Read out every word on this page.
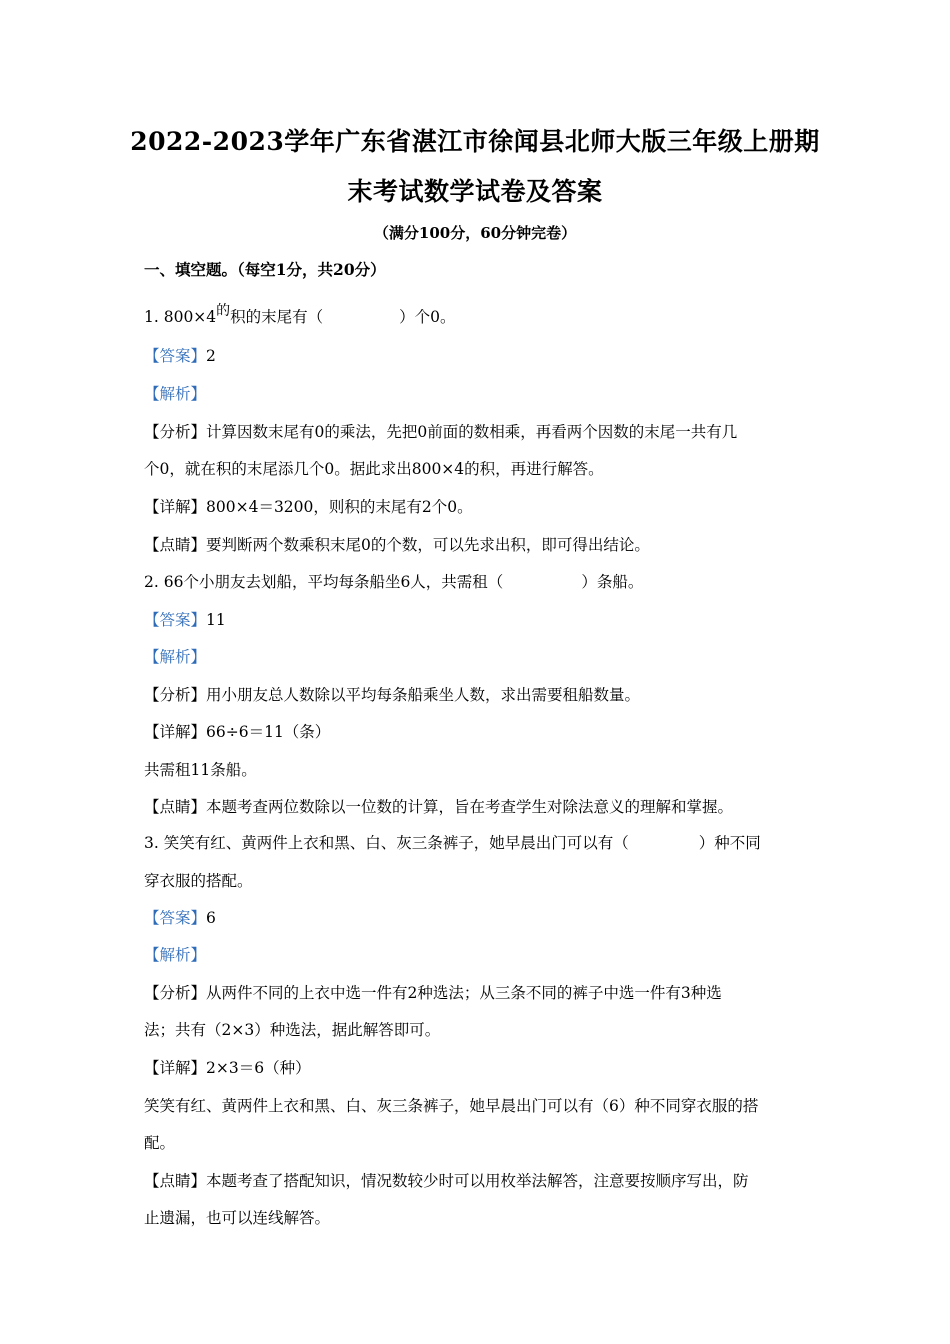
2022-2023学年广东省湛江市徐闻县北师大版三年级上册期
末考试数学试卷及答案
（满分100分，60分钟完卷）
一、填空题。（每空1分，共20分）
1. 800×4的积的末尾有（	）个0。
【答案】2
【解析】
【分析】计算因数末尾有0的乘法，先把0前面的数相乘，再看两个因数的末尾一共有几
个0，就在积的末尾添几个0。据此求出800×4的积，再进行解答。
【详解】800×4＝3200，则积的末尾有2个0。
【点睛】要判断两个数乘积末尾0的个数，可以先求出积，即可得出结论。
2. 66个小朋友去划船，平均每条船坐6人，共需租（	）条船。
【答案】11
【解析】
【分析】用小朋友总人数除以平均每条船乘坐人数，求出需要租船数量。
【详解】66÷6＝11（条）
共需租11条船。
【点睛】本题考查两位数除以一位数的计算，旨在考查学生对除法意义的理解和掌握。
3. 笑笑有红、黄两件上衣和黑、白、灰三条裤子，她早晨出门可以有（	）种不同
穿衣服的搭配。
【答案】6
【解析】
【分析】从两件不同的上衣中选一件有2种选法；从三条不同的裤子中选一件有3种选
法；共有（2×3）种选法，据此解答即可。
【详解】2×3＝6（种）
笑笑有红、黄两件上衣和黑、白、灰三条裤子，她早晨出门可以有（6）种不同穿衣服的搭
配。
【点睛】本题考查了搭配知识，情况数较少时可以用枚举法解答，注意要按顺序写出，防
止遗漏，也可以连线解答。
